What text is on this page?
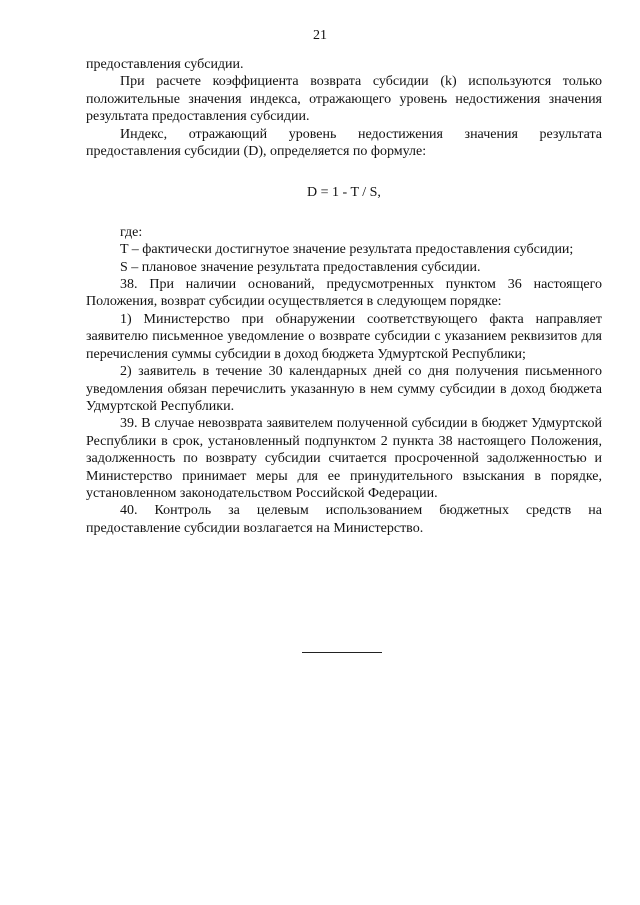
21

предоставления субсидии.

При расчете коэффициента возврата субсидии (k) используются только положительные значения индекса, отражающего уровень недостижения значения результата предоставления субсидии.

Индекс, отражающий уровень недостижения значения результата предоставления субсидии (D), определяется по формуле:

D = 1 - T / S,

где:

T – фактически достигнутое значение результата предоставления субсидии;

S – плановое значение результата предоставления субсидии.

38. При наличии оснований, предусмотренных пунктом 36 настоящего Положения, возврат субсидии осуществляется в следующем порядке:

1) Министерство при обнаружении соответствующего факта направляет заявителю письменное уведомление о возврате субсидии с указанием реквизитов для перечисления суммы субсидии в доход бюджета Удмуртской Республики;

2) заявитель в течение 30 календарных дней со дня получения письменного уведомления обязан перечислить указанную в нем сумму субсидии в доход бюджета Удмуртской Республики.

39. В случае невозврата заявителем полученной субсидии в бюджет Удмуртской Республики в срок, установленный подпунктом 2 пункта 38 настоящего Положения, задолженность по возврату субсидии считается просроченной задолженностью и Министерство принимает меры для ее принудительного взыскания в порядке, установленном законодательством Российской Федерации.

40. Контроль за целевым использованием бюджетных средств на предоставление субсидии возлагается на Министерство.
